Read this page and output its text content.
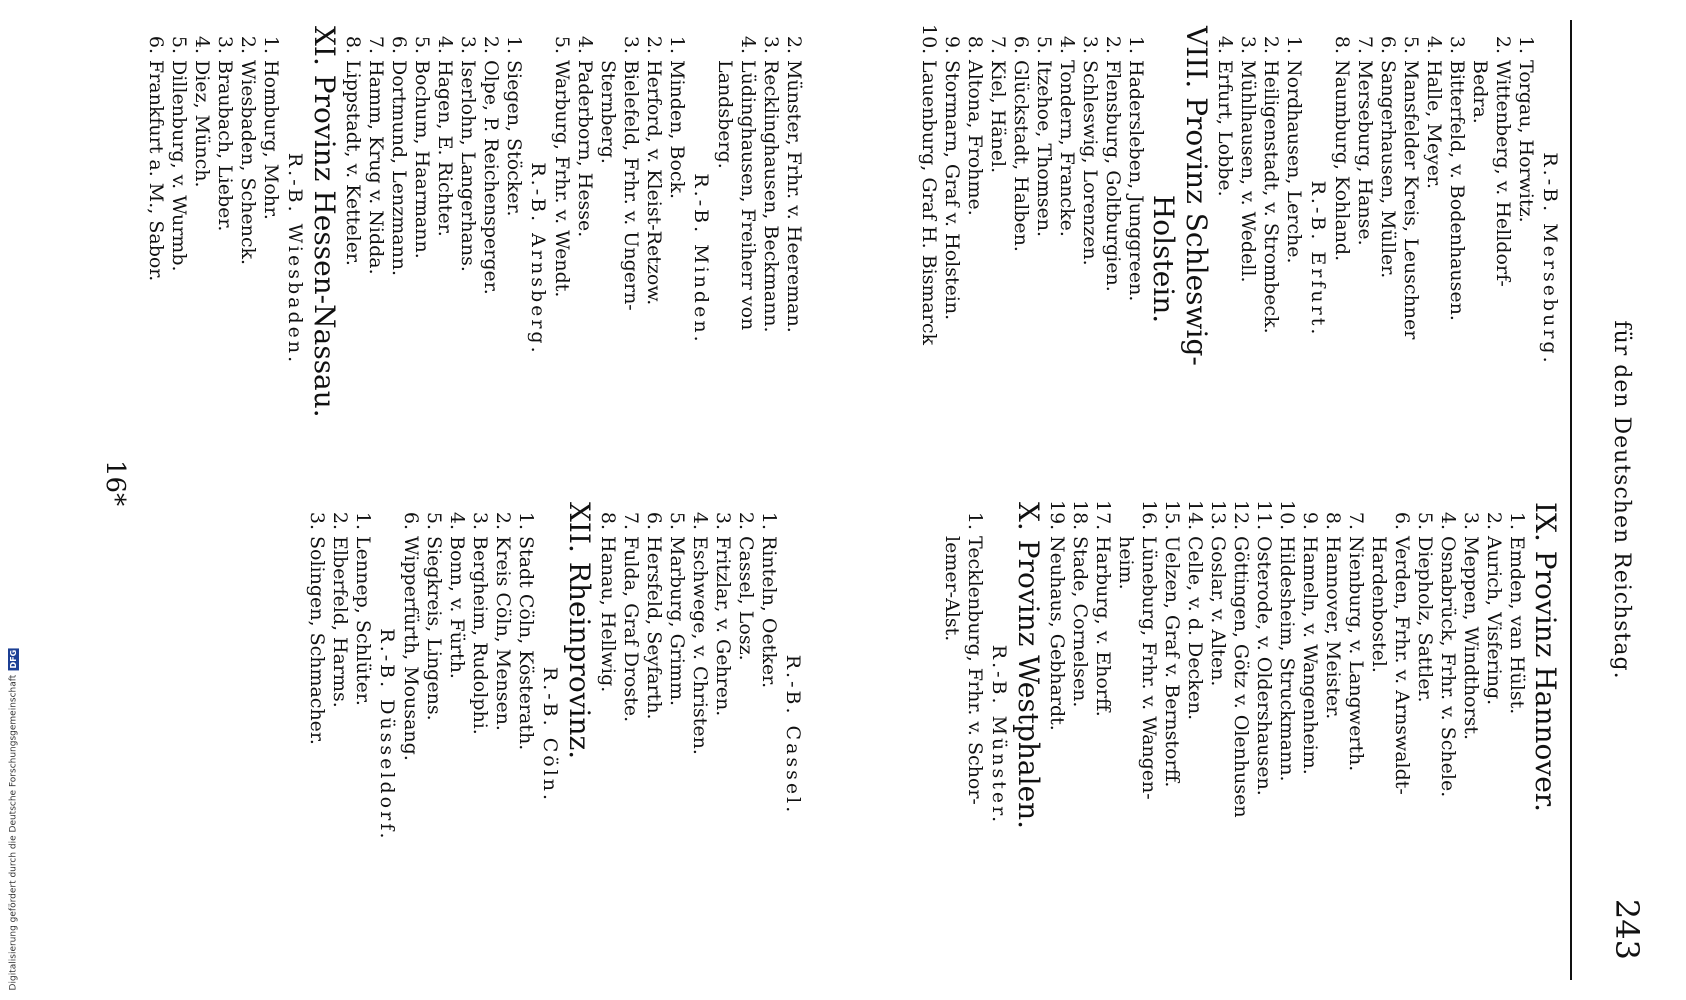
Digitalisierung gefördert durch die Deutsche Forschungsgemeinschaft
DFG	für den Deutschen Reichstag.
243
R.-B. Merseburg.
1.Torgau, Horwitz.
2.Wittenberg, v. Helldorf-
Bedra.
3.Bitterfeld, v. Bodenhausen.
4.Halle, Meyer.
5.Mansfelder Kreis, Leuschner
6.Sangerhausen, Müller.
7.Merseburg, Hanse.
8.Naumburg, Kohland.
R.-B. Erfurt.
1.Nordhausen, Lerche.
2.Heiligenstadt, v. Strombeck.
3.Mühlhausen, v. Wedell.
4.Erfurt, Lobbe.
VIII. Provinz Schleswig-
Holstein.
1.Hadersleben, Junggreen.
2.Flensburg, Goltburgien.
3.Schleswig, Lorenzen.
4.Tondern, Francke.
5.Itzehoe, Thomsen.
6.Glückstadt, Halben.
7.Kiel, Hänel.
8.Altona, Frohme.
9.Stormarn, Graf v. Holstein.
10.Lauenburg, Graf H. Bismarck
IX. Provinz Hannover.
1.Emden, van Hülst.
2.Aurich, Visfering.
3.Meppen, Windthorst.
4.Osnabrück, Frhr. v. Schele.
5.Diepholz, Sattler.
6.Verden, Frhr. v. Arnswaldt-
Hardenbostel.
7.Nienburg, v. Langwerth.
8.Hannover, Meister.
9.Hameln, v. Wangenheim.
10.Hildesheim, Struckmann.
11.Osterode, v. Oldershausen.
12.Göttingen, Götz v. Olenhusen
13.Goslar, v. Alten.
14.Celle, v. d. Decken.
15.Uelzen, Graf v. Bernstorff.
16.Lüneburg, Frhr. v. Wangen-
heim.
17.Harburg, v. Ehorff.
18.Stade, Cornelsen.
19.Neuhaus, Gebhardt.
X. Provinz Westphalen.
R.-B. Münster.
1.Tecklenburg, Frhr. v. Schor-
lemer-Alst.
2.Münster, Frhr. v. Heereman.
3.Recklinghausen, Beckmann.
4.Lüdinghausen, Freiherr von
Landsberg.
R.-B. Minden.
1.Minden, Bock.
2.Herford, v. Kleist-Retzow.
3.Bielefeld, Frhr. v. Ungern-
Sternberg.
4.Paderborn, Hesse.
5.Warburg, Frhr. v. Wendt.
R.-B. Arnsberg.
1.Siegen, Stöcker.
2.Olpe, P. Reichensperger.
3.Iserlohn, Langerhans.
4.Hagen, E. Richter.
5.Bochum, Haarmann.
6.Dortmund, Lenzmann.
7.Hamm, Krug v. Nidda.
8.Lippstadt, v. Ketteler.
XI. Provinz Hessen-Nassau.
R.-B. Wiesbaden.
1.Homburg, Mohr.
2.Wiesbaden, Schenck.
3.Braubach, Lieber.
4.Diez, Münch.
5.Dillenburg, v. Wurmb.
6.Frankfurt a. M., Sabor.
R.-B. Cassel.
1.Rinteln, Oetker.
2.Cassel, Losz.
3.Fritzlar, v. Gehren.
4.Eschwege, v. Christen.
5.Marburg, Grimm.
6.Hersfeld, Seyfarth.
7.Fulda, Graf Droste.
8.Hanau, Hellwig.
XII. Rheinprovinz.
R.-B. Cöln.
1.Stadt Cöln, Kösterath.
2.Kreis Cöln, Mensen.
3.Bergheim, Rudolphi.
4.Bonn, v. Fürth.
5.Siegkreis, Lingens.
6.Wipperfürth, Mousang.
R.-B. Düsseldorf.
1.Lennep, Schlüter.
2.Elberfeld, Harms.
3.Solingen, Schmacher.
16*
